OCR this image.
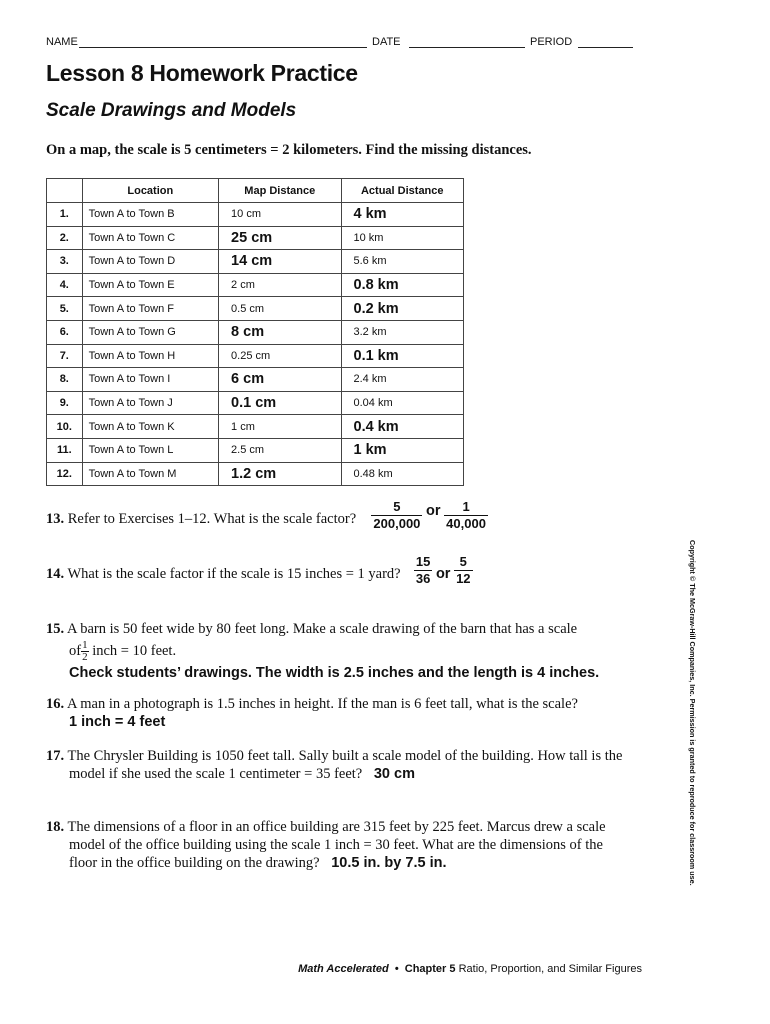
NAME	DATE	PERIOD
Lesson 8 Homework Practice
Scale Drawings and Models
On a map, the scale is 5 centimeters = 2 kilometers. Find the missing distances.
	Location	Map Distance	Actual Distance
1.	Town A to Town B	10 cm	4 km
2.	Town A to Town C	25 cm	10 km
3.	Town A to Town D	14 cm	5.6 km
4.	Town A to Town E	2 cm	0.8 km
5.	Town A to Town F	0.5 cm	0.2 km
6.	Town A to Town G	8 cm	3.2 km
7.	Town A to Town H	0.25 cm	0.1 km
8.	Town A to Town I	6 cm	2.4 km
9.	Town A to Town J	0.1 cm	0.04 km
10.	Town A to Town K	1 cm	0.4 km
11.	Town A to Town L	2.5 cm	1 km
12.	Town A to Town M	1.2 cm	0.48 km
13. Refer to Exercises 1–12. What is the scale factor? $\frac{5}{200,000}$ or $\frac{1}{40,000}$
14. What is the scale factor if the scale is 15 inches = 1 yard? $\frac{15}{36}$ or $\frac{5}{12}$
15. A barn is 50 feet wide by 80 feet long. Make a scale drawing of the barn that has a scale
of $\frac{1}{2}$ inch = 10 feet.
Check students’ drawings. The width is 2.5 inches and the length is 4 inches.
16. A man in a photograph is 1.5 inches in height. If the man is 6 feet tall, what is the scale?
1 inch = 4 feet
17. The Chrysler Building is 1050 feet tall. Sally built a scale model of the building. How tall is the
model if she used the scale 1 centimeter = 35 feet? 30 cm
18. The dimensions of a floor in an office building are 315 feet by 225 feet. Marcus drew a scale
model of the office building using the scale 1 inch = 30 feet. What are the dimensions of the
floor in the office building on the drawing? 10.5 in. by 7.5 in.	Copyright © The McGraw-Hill Companies, Inc. Permission is granted to reproduce for classroom use.
Math Accelerated • Chapter 5 Ratio, Proportion, and Similar Figures
